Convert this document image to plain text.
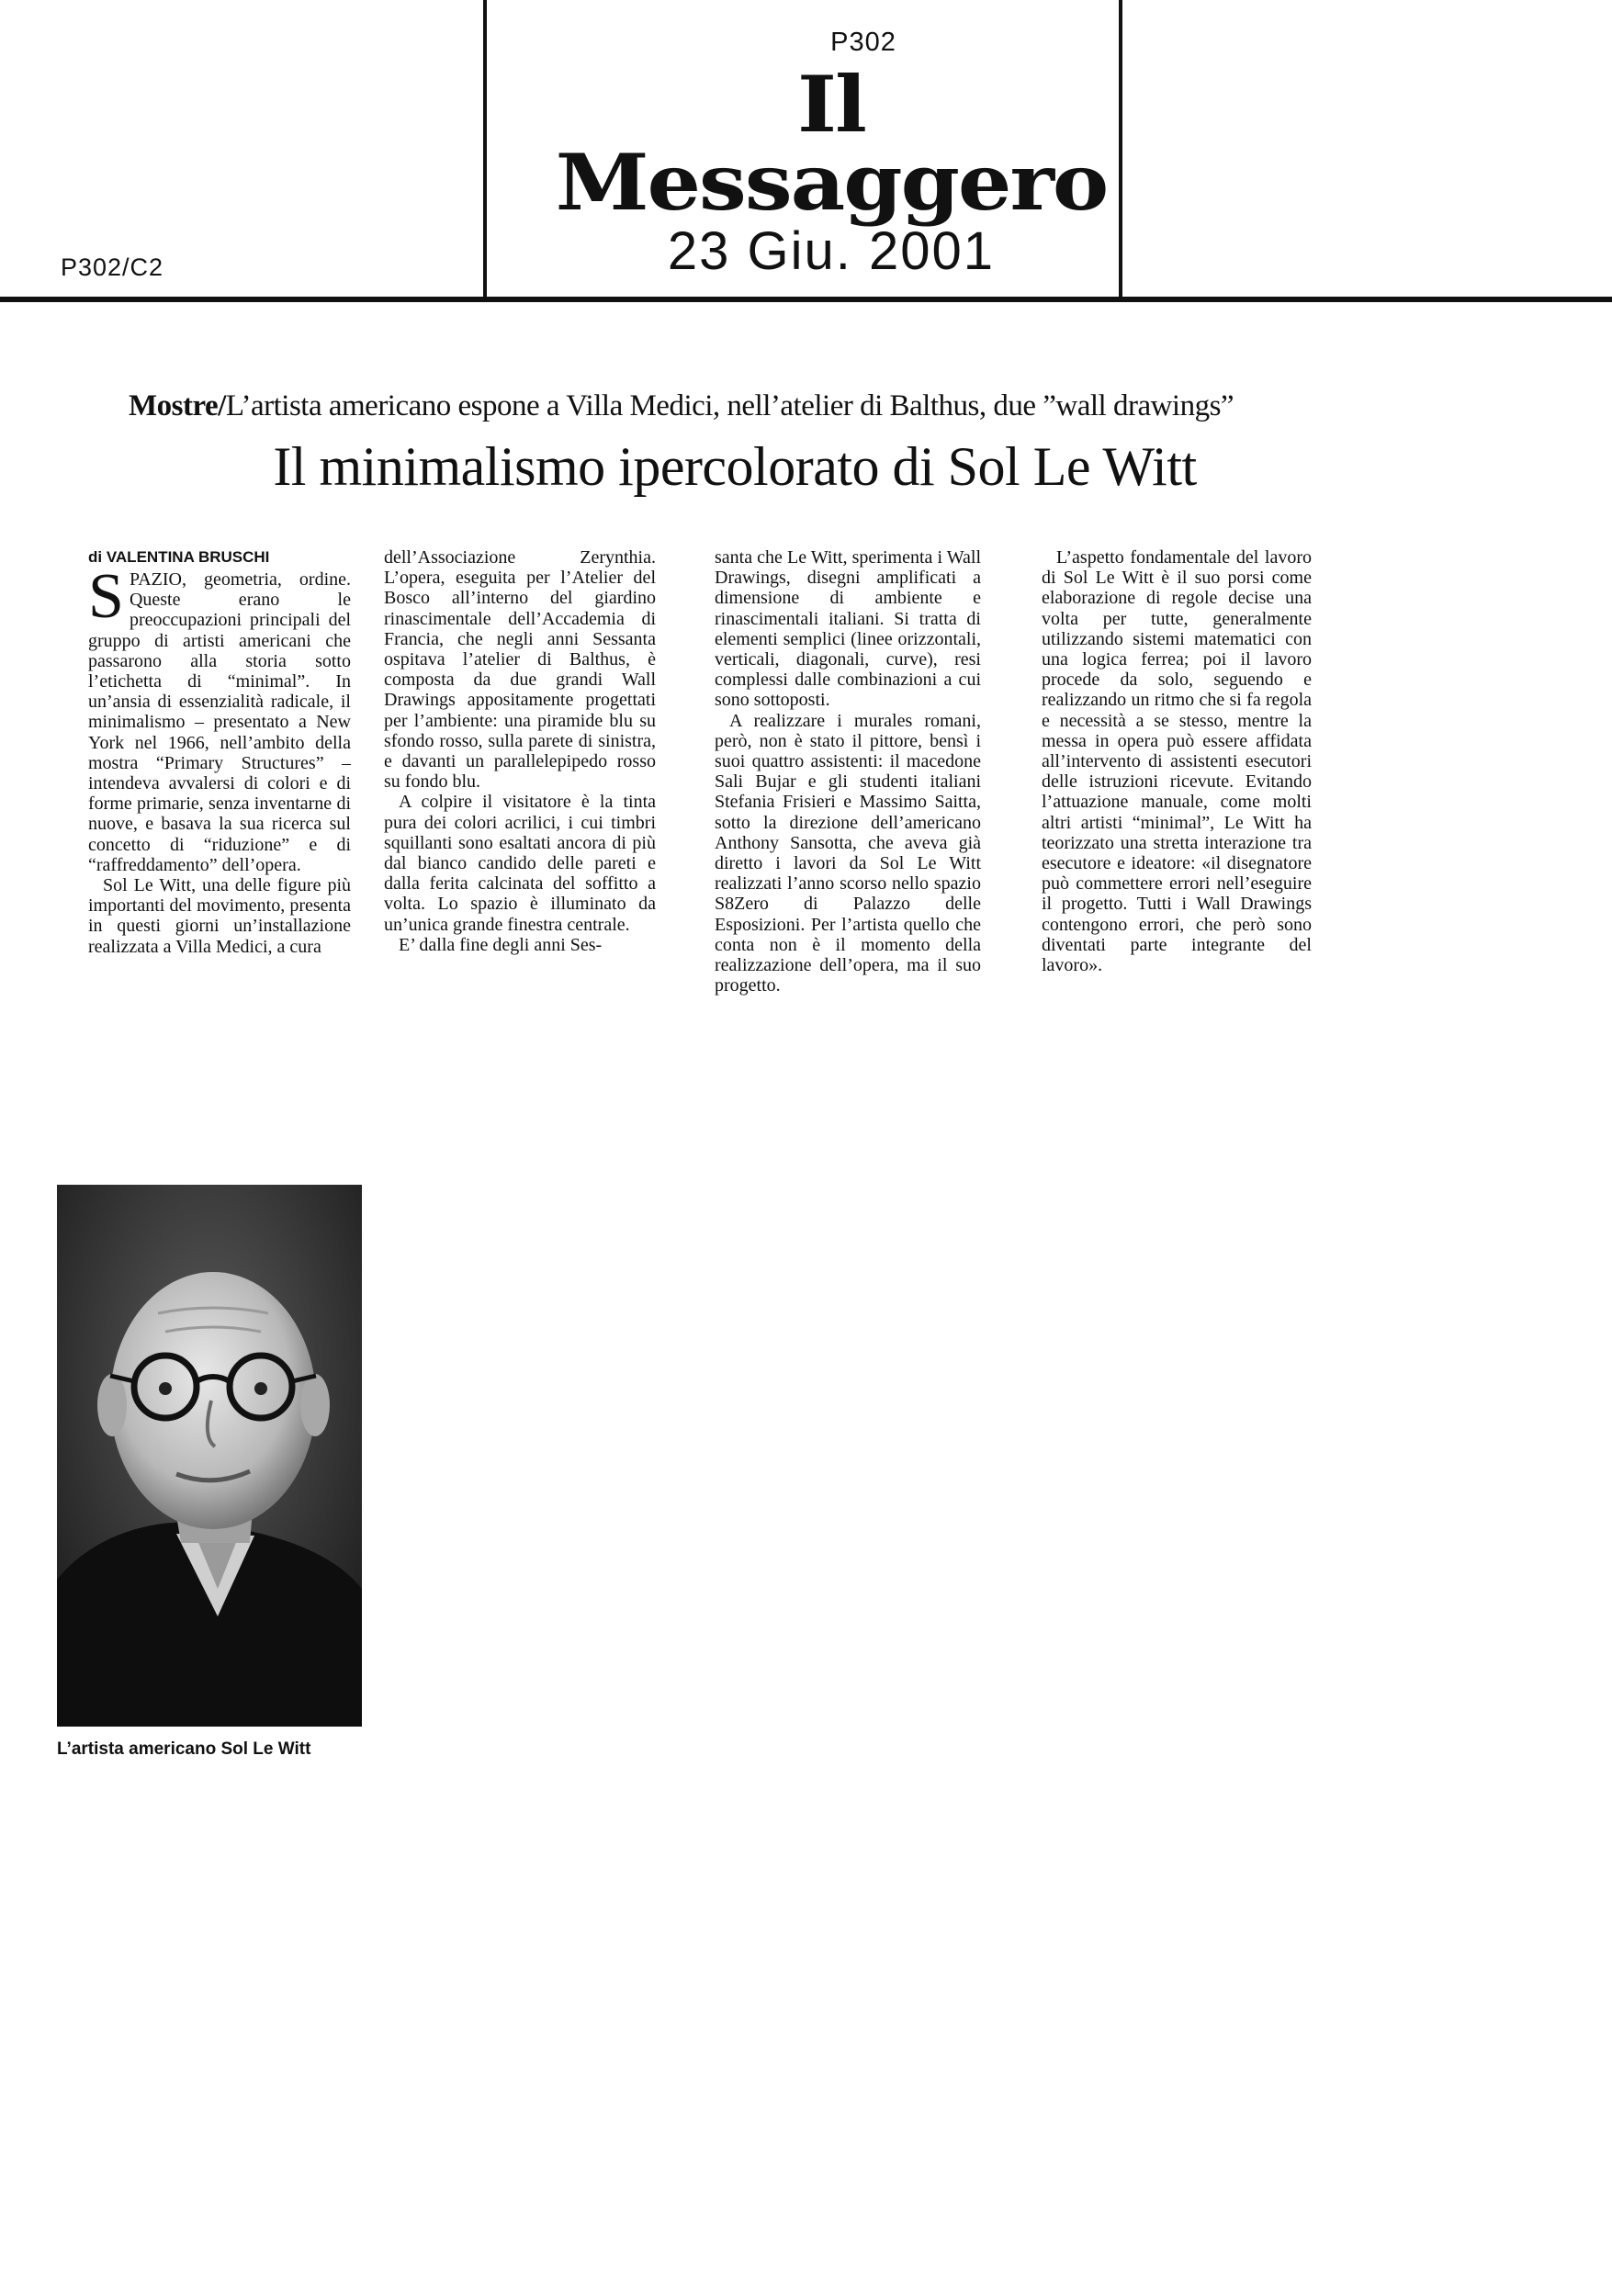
P302
Il Messaggero
P302/C2	23 Giu. 2001
Mostre/L’artista americano espone a Villa Medici, nell’atelier di Balthus, due ”wall drawings”
Il minimalismo ipercolorato di Sol Le Witt
di VALENTINA BRUSCHI

SPAZIO, geometria, ordine. Queste erano le preoccupazioni principali del gruppo di artisti americani che passarono alla storia sotto l’etichetta di “minimal”. In un’ansia di essenzialità radicale, il minimalismo – presentato a New York nel 1966, nell’ambito della mostra “Primary Structures” – intendeva avvalersi di colori e di forme primarie, senza inventarne di nuove, e basava la sua ricerca sul concetto di “riduzione” e di “raffreddamento” dell’opera.

Sol Le Witt, una delle figure più importanti del movimento, presenta in questi giorni un’installazione realizzata a Villa Medici, a cura

dell’Associazione Zerynthia. L’opera, eseguita per l’Atelier del Bosco all’interno del giardino rinascimentale dell’Accademia di Francia, che negli anni Sessanta ospitava l’atelier di Balthus, è composta da due grandi Wall Drawings appositamente progettati per l’ambiente: una piramide blu su sfondo rosso, sulla parete di sinistra, e davanti un parallelepipedo rosso su fondo blu.

A colpire il visitatore è la tinta pura dei colori acrilici, i cui timbri squillanti sono esaltati ancora di più dal bianco candido delle pareti e dalla ferita calcinata del soffitto a volta. Lo spazio è illuminato da un’unica grande finestra centrale.

E’ dalla fine degli anni Ses-

santa che Le Witt, sperimenta i Wall Drawings, disegni amplificati a dimensione di ambiente e rinascimentali italiani. Si tratta di elementi semplici (linee orizzontali, verticali, diagonali, curve), resi complessi dalle combinazioni a cui sono sottoposti.

A realizzare i murales romani, però, non è stato il pittore, bensì i suoi quattro assistenti: il macedone Sali Bujar e gli studenti italiani Stefania Frisieri e Massimo Saitta, sotto la direzione dell’americano Anthony Sansotta, che aveva già diretto i lavori da Sol Le Witt realizzati l’anno scorso nello spazio S8Zero di Palazzo delle Esposizioni. Per l’artista quello che conta non è il momento della realizzazione dell’opera, ma il suo progetto.

L’aspetto fondamentale del lavoro di Sol Le Witt è il suo porsi come elaborazione di regole decise una volta per tutte, generalmente utilizzando sistemi matematici con una logica ferrea; poi il lavoro procede da solo, seguendo e realizzando un ritmo che si fa regola e necessità a se stesso, mentre la messa in opera può essere affidata all’intervento di assistenti esecutori delle istruzioni ricevute. Evitando l’attuazione manuale, come molti altri artisti “minimal”, Le Witt ha teorizzato una stretta interazione tra esecutore e ideatore: «il disegnatore può commettere errori nell’eseguire il progetto. Tutti i Wall Drawings contengono errori, che però sono diventati parte integrante del lavoro».

L’artista americano Sol Le Witt
